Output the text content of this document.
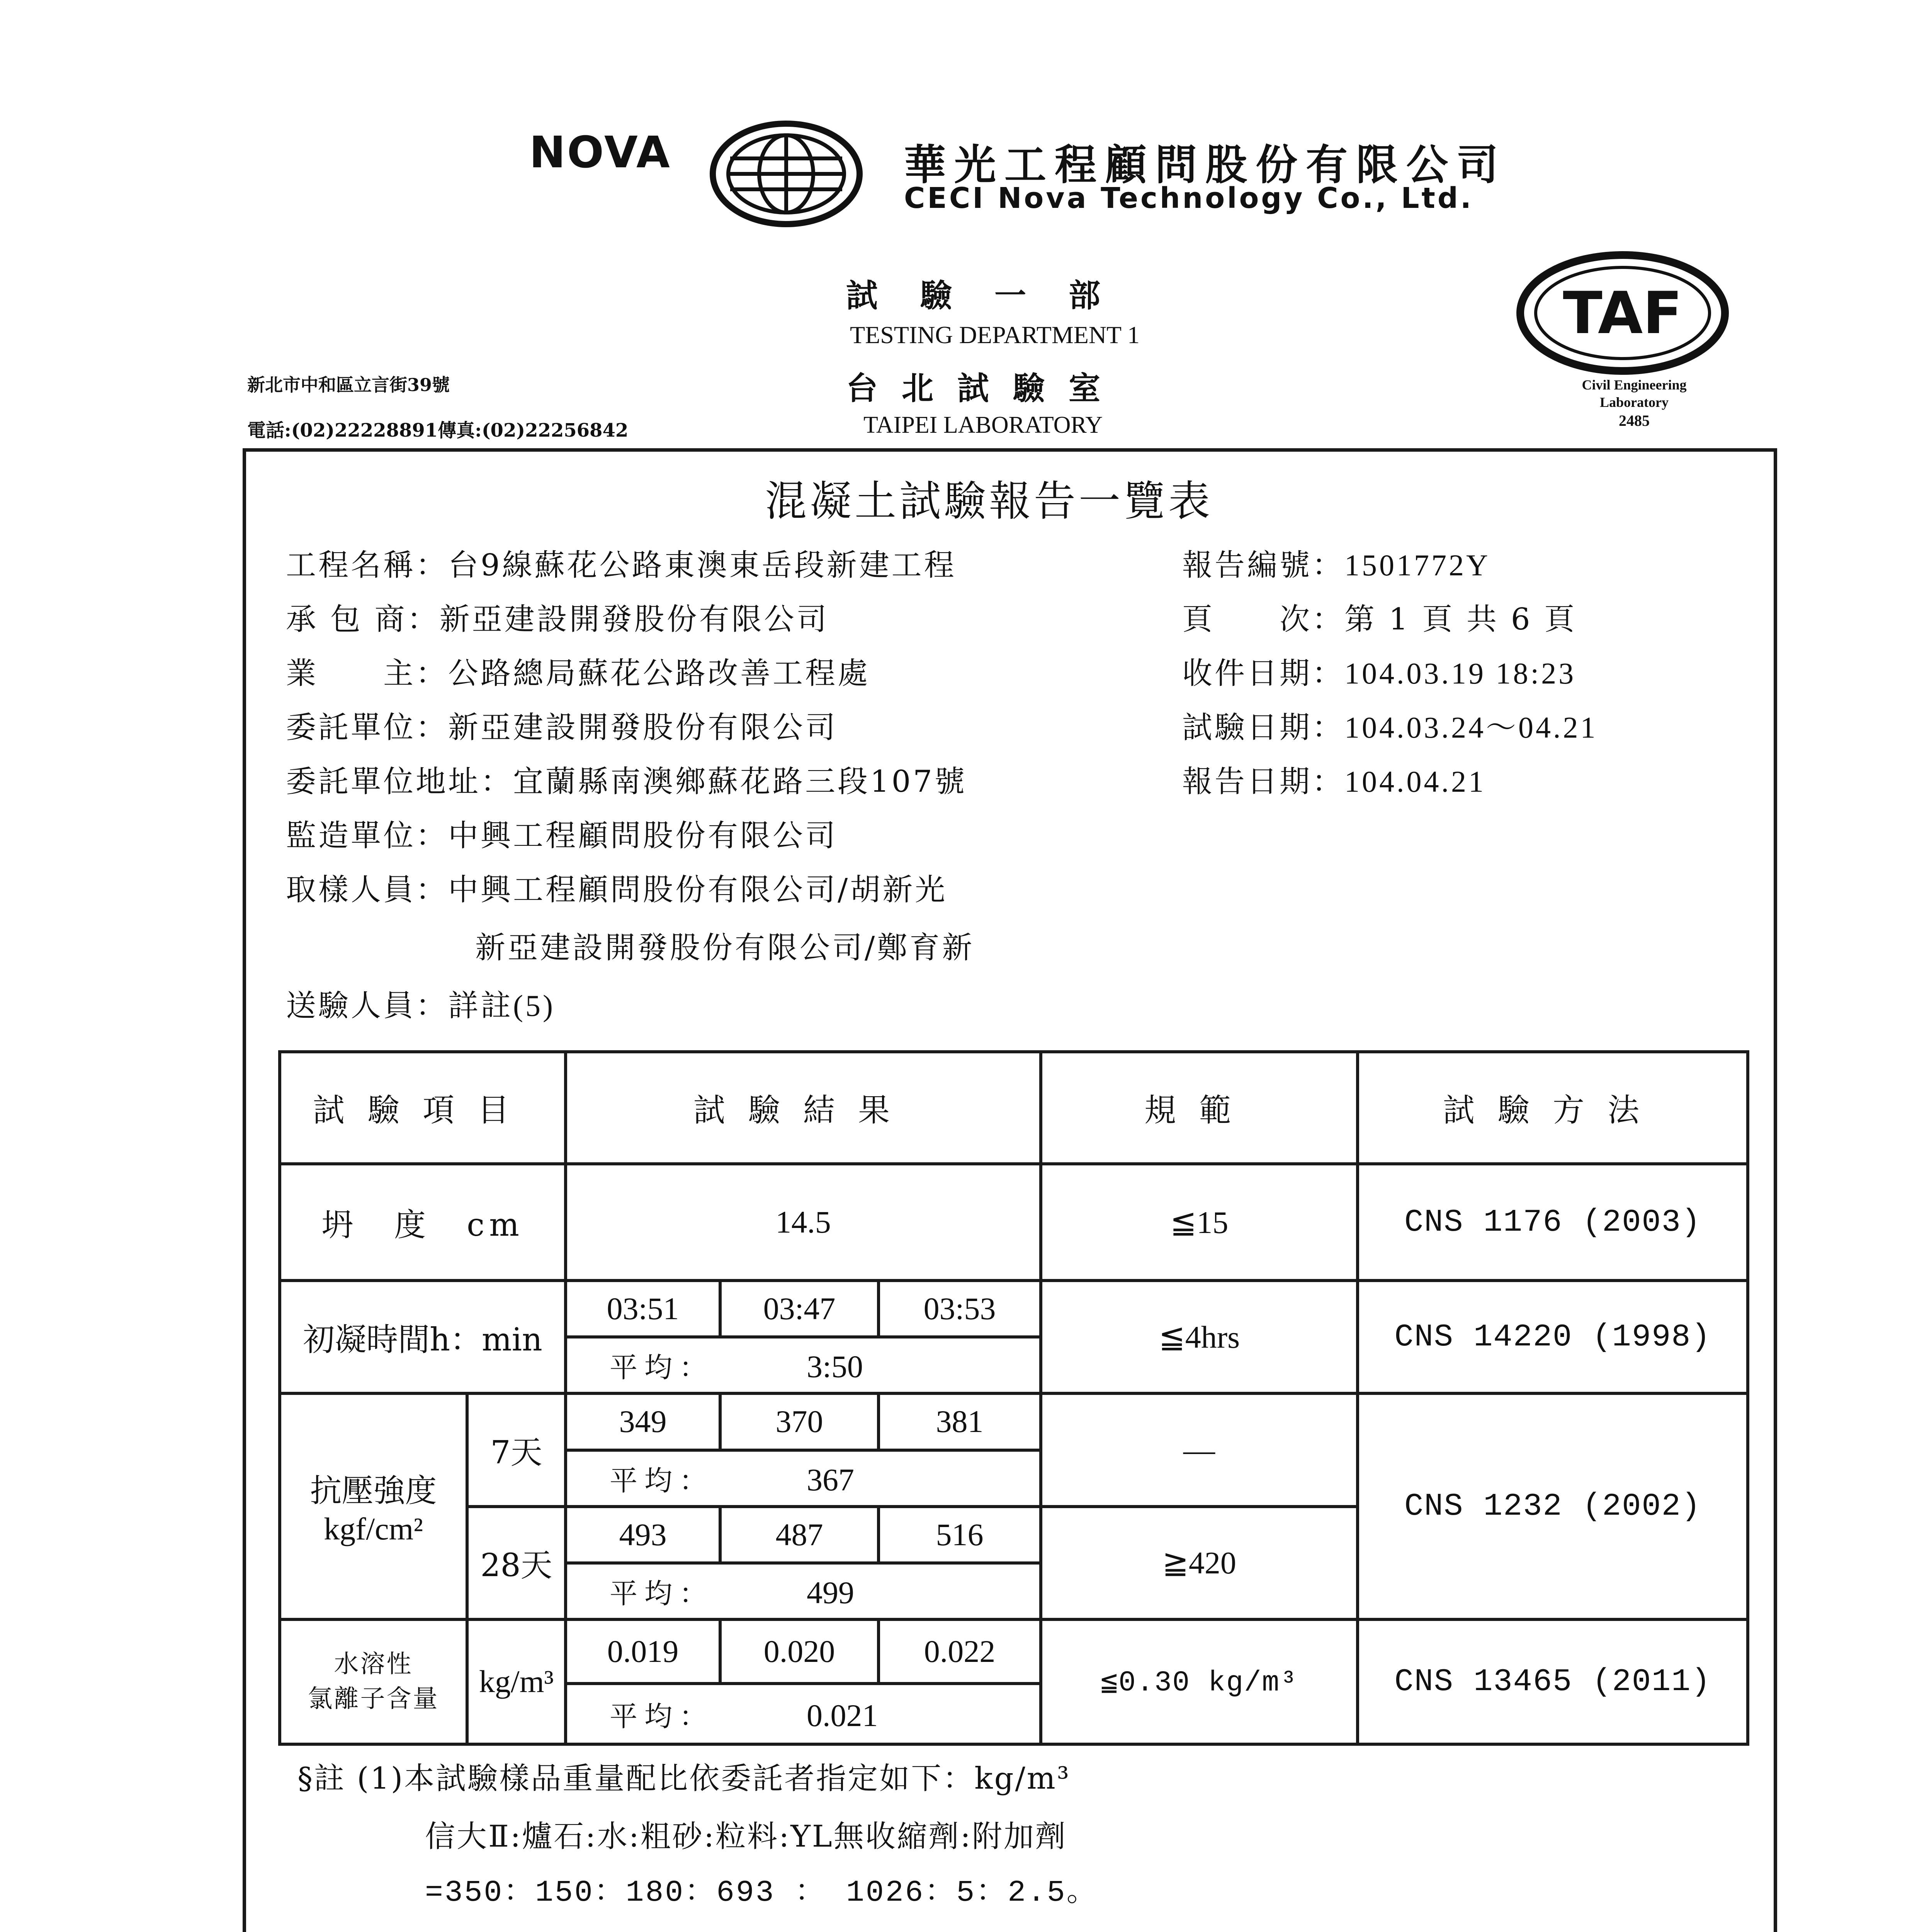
NOVA	華光工程顧問股份有限公司
CECI Nova Technology Co., Ltd.
試驗一部
TESTING DEPARTMENT 1
台北試驗室
TAIPEI LABORATORY
新北市中和區立言街39號
電話:(02)22228891傳真:(02)22256842
TAF
Civil Engineering
Laboratory
2485
混凝土試驗報告一覽表
工程名稱：台9線蘇花公路東澳東岳段新建工程
承 包 商：新亞建設開發股份有限公司
業　　主：公路總局蘇花公路改善工程處
委託單位：新亞建設開發股份有限公司
委託單位地址：宜蘭縣南澳鄉蘇花路三段107號
監造單位：中興工程顧問股份有限公司
取樣人員：中興工程顧問股份有限公司/胡新光
新亞建設開發股份有限公司/鄭育新
送驗人員：詳註(5)
報告編號：1501772Y
頁　　次：第 1 頁 共 6 頁
收件日期：104.03.19 18:23
試驗日期：104.03.24～04.21
報告日期：104.04.21
試驗項目		試驗結果			規範	試驗方法
坍　度　cm		14.5			≦15	CNS 1176 (2003)
初凝時間h：min		03:51	03:47	03:53	≦4hrs	CNS 14220 (1998)
		平均： 3:50				

抗壓強度
kgf/cm²	7天	349	370	381	—	CNS 1232 (2002)
		平均： 367				
	28天	493	487	516	≧420	
		平均： 499				

水溶性
氯離子含量	kg/m³	0.019	0.020	0.022	≦0.30 kg/m³	CNS 13465 (2011)
		平均： 0.021				
§註 (1)本試驗樣品重量配比依委託者指定如下：kg/m³
信大Ⅱ:爐石:水:粗砂:粒料:YL無收縮劑:附加劑
=350：150：180：693 ： 1026：5：2.5。
